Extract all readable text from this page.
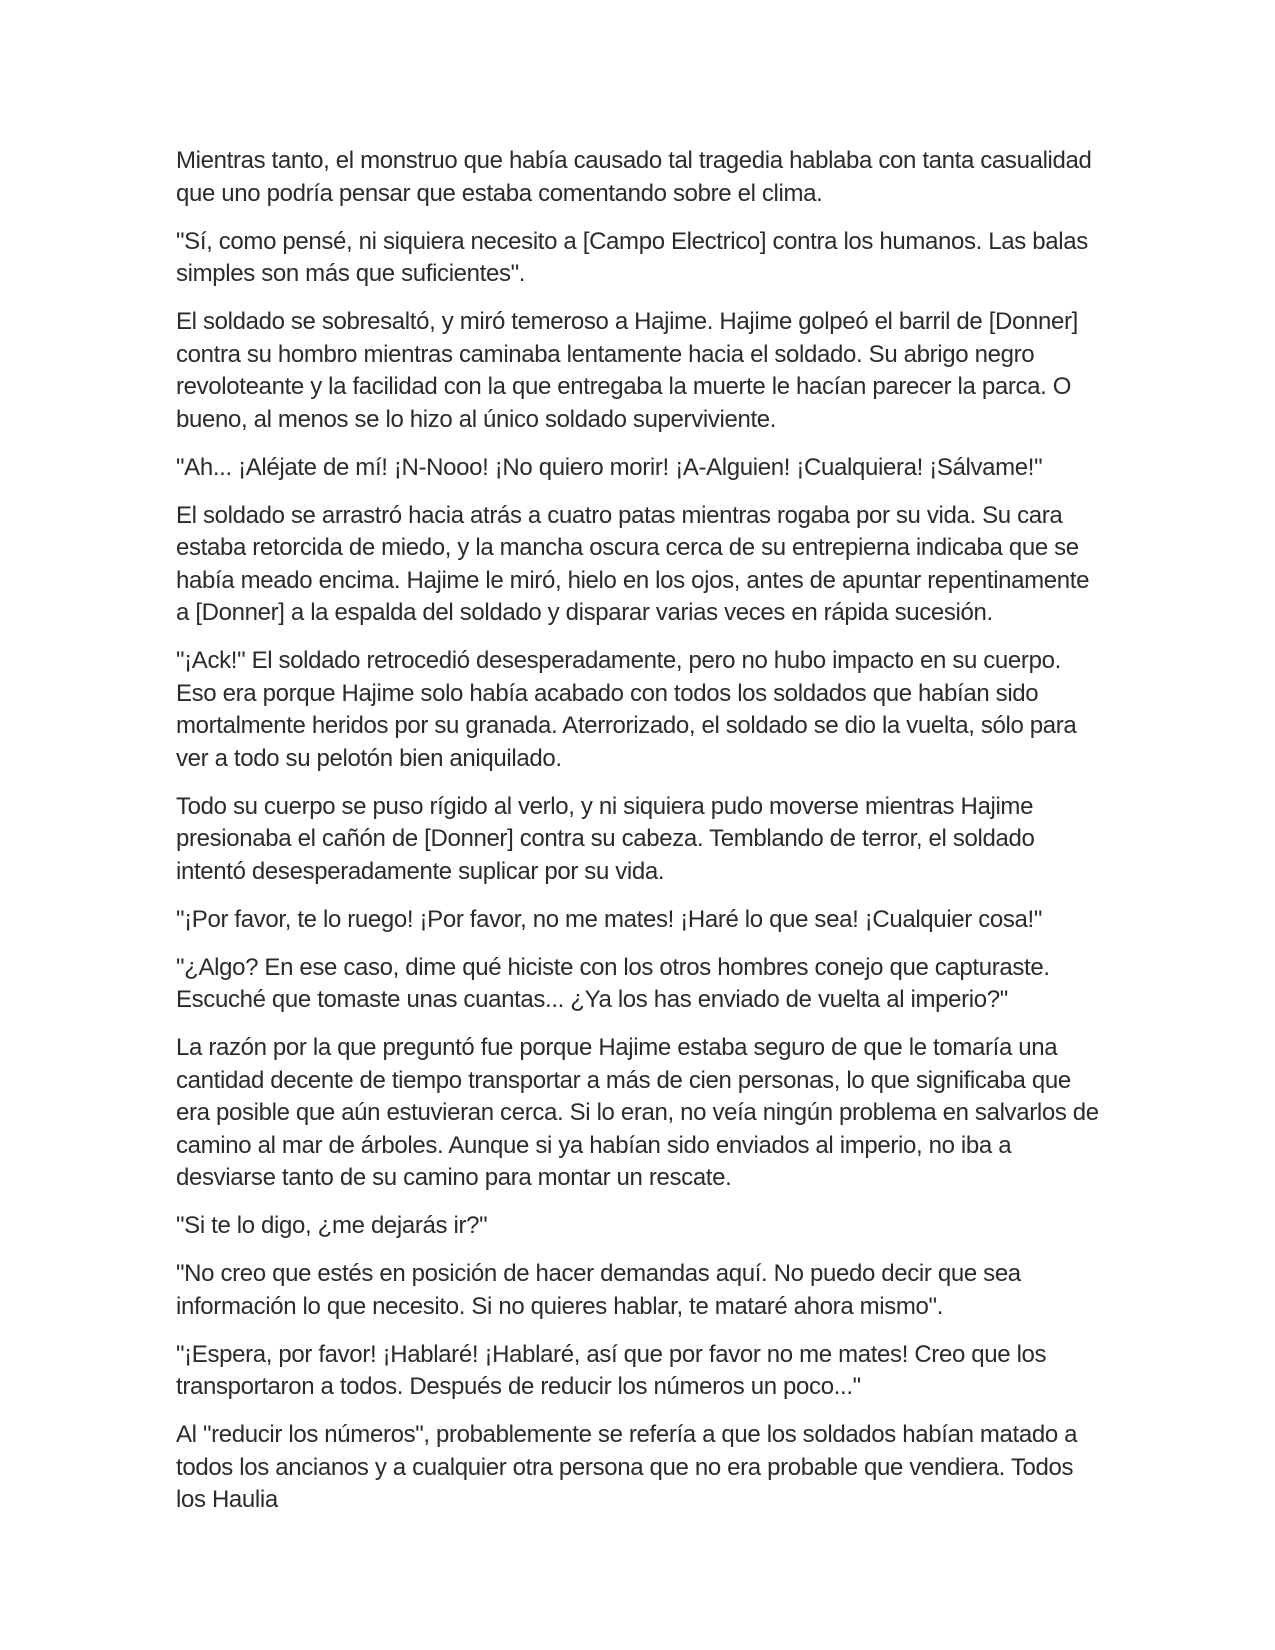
Mientras tanto, el monstruo que había causado tal tragedia hablaba con tanta casualidad que uno podría pensar que estaba comentando sobre el clima.

"Sí, como pensé, ni siquiera necesito a [Campo Electrico] contra los humanos. Las balas simples son más que suficientes".

El soldado se sobresaltó, y miró temeroso a Hajime. Hajime golpeó el barril de [Donner] contra su hombro mientras caminaba lentamente hacia el soldado. Su abrigo negro revoloteante y la facilidad con la que entregaba la muerte le hacían parecer la parca. O bueno, al menos se lo hizo al único soldado superviviente.

"Ah... ¡Aléjate de mí! ¡N-Nooo! ¡No quiero morir! ¡A-Alguien! ¡Cualquiera! ¡Sálvame!"

El soldado se arrastró hacia atrás a cuatro patas mientras rogaba por su vida. Su cara estaba retorcida de miedo, y la mancha oscura cerca de su entrepierna indicaba que se había meado encima. Hajime le miró, hielo en los ojos, antes de apuntar repentinamente a [Donner] a la espalda del soldado y disparar varias veces en rápida sucesión.

"¡Ack!" El soldado retrocedió desesperadamente, pero no hubo impacto en su cuerpo. Eso era porque Hajime solo había acabado con todos los soldados que habían sido mortalmente heridos por su granada. Aterrorizado, el soldado se dio la vuelta, sólo para ver a todo su pelotón bien aniquilado.

Todo su cuerpo se puso rígido al verlo, y ni siquiera pudo moverse mientras Hajime presionaba el cañón de [Donner] contra su cabeza. Temblando de terror, el soldado intentó desesperadamente suplicar por su vida.

"¡Por favor, te lo ruego! ¡Por favor, no me mates! ¡Haré lo que sea! ¡Cualquier cosa!"

"¿Algo? En ese caso, dime qué hiciste con los otros hombres conejo que capturaste. Escuché que tomaste unas cuantas... ¿Ya los has enviado de vuelta al imperio?"

La razón por la que preguntó fue porque Hajime estaba seguro de que le tomaría una cantidad decente de tiempo transportar a más de cien personas, lo que significaba que era posible que aún estuvieran cerca. Si lo eran, no veía ningún problema en salvarlos de camino al mar de árboles. Aunque si ya habían sido enviados al imperio, no iba a desviarse tanto de su camino para montar un rescate.

"Si te lo digo, ¿me dejarás ir?"

"No creo que estés en posición de hacer demandas aquí. No puedo decir que sea información lo que necesito. Si no quieres hablar, te mataré ahora mismo".

"¡Espera, por favor! ¡Hablaré! ¡Hablaré, así que por favor no me mates! Creo que los transportaron a todos. Después de reducir los números un poco..."

Al "reducir los números", probablemente se refería a que los soldados habían matado a todos los ancianos y a cualquier otra persona que no era probable que vendiera. Todos los Haulia
